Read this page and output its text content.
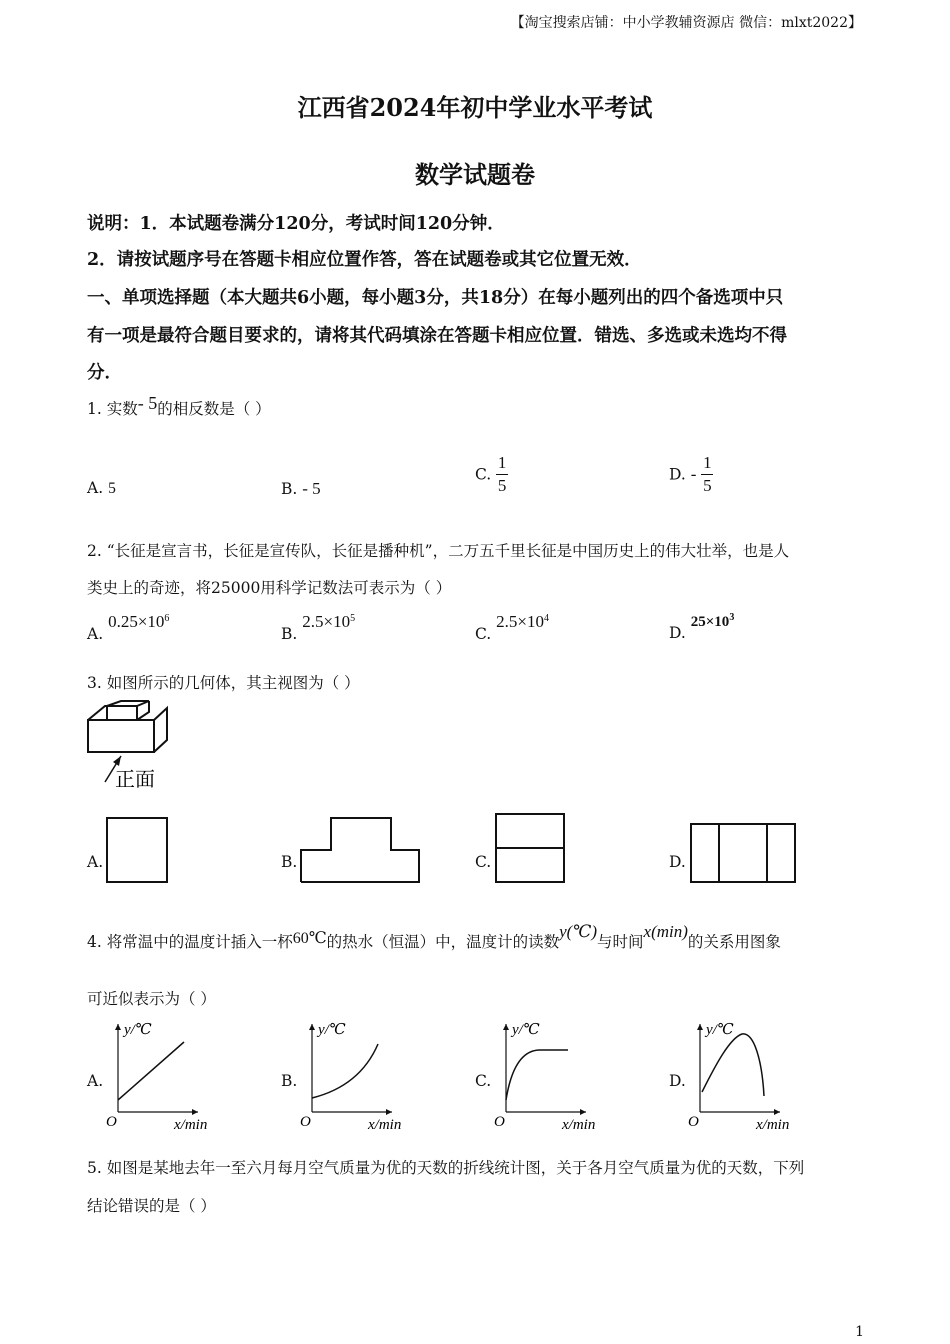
【淘宝搜索店铺：中小学教辅资源店 微信：mlxt2022】
江西省2024年初中学业水平考试
数学试题卷
说明：1．本试题卷满分120分，考试时间120分钟．
2．请按试题序号在答题卡相应位置作答，答在试题卷或其它位置无效．
一、单项选择题（本大题共6小题，每小题3分，共18分）在每小题列出的四个备选项中只
有一项是最符合题目要求的，请将其代码填涂在答题卡相应位置．错选、多选或未选均不得
分．
1. 实数- 5的相反数是（ ）
A. 5	B. - 5
C. $\frac{1}{5}$	D. - $\frac{1}{5}$
2. “长征是宣言书，长征是宣传队，长征是播种机”，二万五千里长征是中国历史上的伟大壮举，也是人
类史上的奇迹，将25000用科学记数法可表示为（ ）
A. $0.25\times 10^6$
B. $2.5\times 10^5$
C. $2.5\times 10^4$
D. $25\times 10^3$
3. 如图所示的几何体，其主视图为（ ）
正面
A.	B.	C.	D.
4. 将常温中的温度计插入一杯60℃的热水（恒温）中，温度计的读数y(℃)与时间x(min)的关系用图象
可近似表示为（ ）
A.
y/℃
O	x/min
B.
y/℃
O	x/min
C.
y/℃
O	x/min
D.
y/℃
O	x/min
5. 如图是某地去年一至六月每月空气质量为优的天数的折线统计图，关于各月空气质量为优的天数，下列
结论错误的是（ ）
1
